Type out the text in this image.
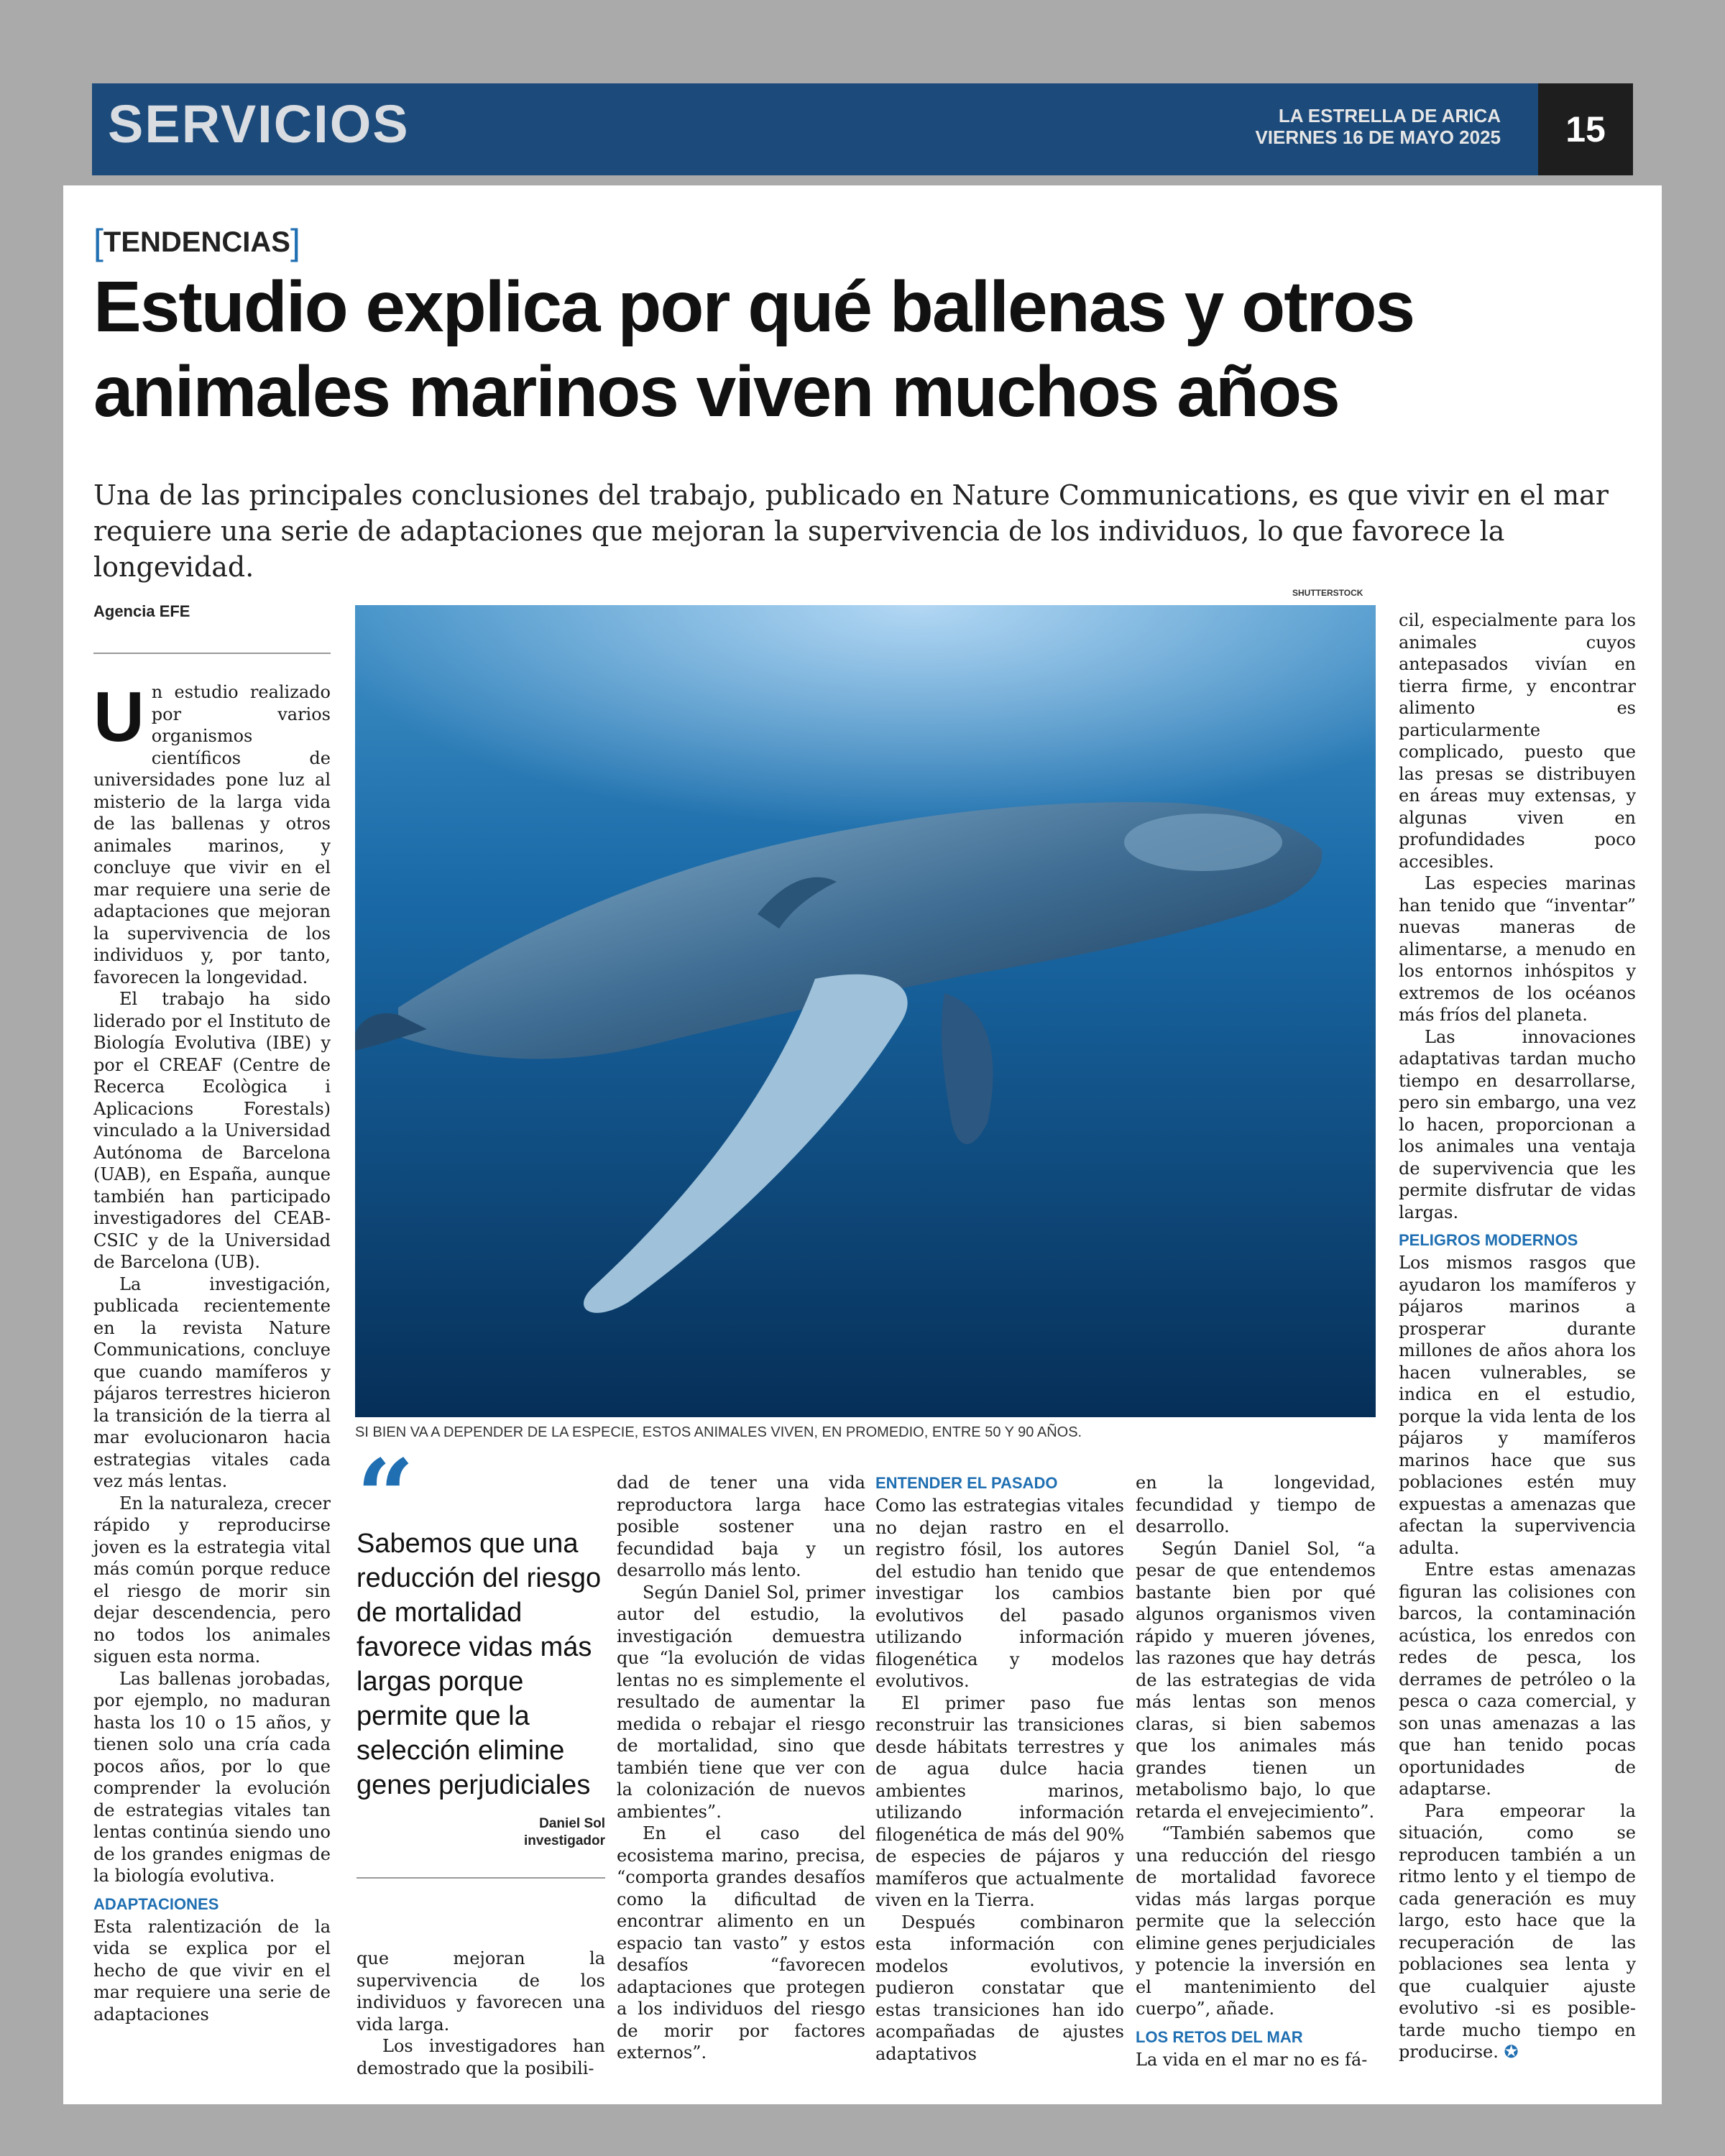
SERVICIOS	LA ESTRELLA DE ARICA
VIERNES 16 DE MAYO 2025	15
[TENDENCIAS]
Estudio explica por qué ballenas y otros animales marinos viven muchos años

Una de las principales conclusiones del trabajo, publicado en Nature Communications, es que vivir en el mar requiere una serie de adaptaciones que mejoran la supervivencia de los individuos, lo que favorece la longevidad.

Agencia EFE
SHUTTERSTOCK
SI BIEN VA A DEPENDER DE LA ESPECIE, ESTOS ANIMALES VIVEN, EN PROMEDIO, ENTRE 50 Y 90 AÑOS.

Un estudio realizado por varios organismos científicos de universidades pone luz al misterio de la larga vida de las ballenas y otros animales marinos, y concluye que vivir en el mar requiere una serie de adaptaciones que mejoran la supervivencia de los individuos y, por tanto, favorecen la longevidad.

El trabajo ha sido liderado por el Instituto de Biología Evolutiva (IBE) y por el CREAF (Centre de Recerca Ecològica i Aplicacions Forestals) vinculado a la Universidad Autónoma de Barcelona (UAB), en España, aunque también han participado investigadores del CEAB-CSIC y de la Universidad de Barcelona (UB).

La investigación, publicada recientemente en la revista Nature Communications, concluye que cuando mamíferos y pájaros terrestres hicieron la transición de la tierra al mar evolucionaron hacia estrategias vitales cada vez más lentas.

En la naturaleza, crecer rápido y reproducirse joven es la estrategia vital más común porque reduce el riesgo de morir sin dejar descendencia, pero no todos los animales siguen esta norma.

Las ballenas jorobadas, por ejemplo, no maduran hasta los 10 o 15 años, y tienen solo una cría cada pocos años, por lo que comprender la evolución de estrategias vitales tan lentas continúa siendo uno de los grandes enigmas de la biología evolutiva.

ADAPTACIONES

Esta ralentización de la vida se explica por el hecho de que vivir en el mar requiere una serie de adaptaciones

“
Sabemos que una reducción del riesgo de mortalidad favorece vidas más largas porque permite que la selección elimine genes perjudiciales
Daniel Sol
investigador

que mejoran la supervivencia de los individuos y favorecen una vida larga.

Los investigadores han demostrado que la posibili-

dad de tener una vida reproductora larga hace posible sostener una fecundidad baja y un desarrollo más lento.

Según Daniel Sol, primer autor del estudio, la investigación demuestra que “la evolución de vidas lentas no es simplemente el resultado de aumentar la medida o rebajar el riesgo de mortalidad, sino que también tiene que ver con la colonización de nuevos ambientes”.

En el caso del ecosistema marino, precisa, “comporta grandes desafíos como la dificultad de encontrar alimento en un espacio tan vasto” y estos desafíos “favorecen adaptaciones que protegen a los individuos del riesgo de morir por factores externos”.

ENTENDER EL PASADO

Como las estrategias vitales no dejan rastro en el registro fósil, los autores del estudio han tenido que investigar los cambios evolutivos del pasado utilizando información filogenética y modelos evolutivos.

El primer paso fue reconstruir las transiciones desde hábitats terrestres y de agua dulce hacia ambientes marinos, utilizando información filogenética de más del 90% de especies de pájaros y mamíferos que actualmente viven en la Tierra.

Después combinaron esta información con modelos evolutivos, pudieron constatar que estas transiciones han ido acompañadas de ajustes adaptativos

en la longevidad, fecundidad y tiempo de desarrollo.

Según Daniel Sol, “a pesar de que entendemos bastante bien por qué algunos organismos viven rápido y mueren jóvenes, las razones que hay detrás de las estrategias de vida más lentas son menos claras, si bien sabemos que los animales más grandes tienen un metabolismo bajo, lo que retarda el envejecimiento”.

“También sabemos que una reducción del riesgo de mortalidad favorece vidas más largas porque permite que la selección elimine genes perjudiciales y potencie la inversión en el mantenimiento del cuerpo”, añade.

LOS RETOS DEL MAR

La vida en el mar no es fá-

cil, especialmente para los animales cuyos antepasados vivían en tierra firme, y encontrar alimento es particularmente complicado, puesto que las presas se distribuyen en áreas muy extensas, y algunas viven en profundidades poco accesibles.

Las especies marinas han tenido que “inventar” nuevas maneras de alimentarse, a menudo en los entornos inhóspitos y extremos de los océanos más fríos del planeta.

Las innovaciones adaptativas tardan mucho tiempo en desarrollarse, pero sin embargo, una vez lo hacen, proporcionan a los animales una ventaja de supervivencia que les permite disfrutar de vidas largas.

PELIGROS MODERNOS

Los mismos rasgos que ayudaron los mamíferos y pájaros marinos a prosperar durante millones de años ahora los hacen vulnerables, se indica en el estudio, porque la vida lenta de los pájaros y mamíferos marinos hace que sus poblaciones estén muy expuestas a amenazas que afectan la supervivencia adulta.

Entre estas amenazas figuran las colisiones con barcos, la contaminación acústica, los enredos con redes de pesca, los derrames de petróleo o la pesca o caza comercial, y son unas amenazas a las que han tenido pocas oportunidades de adaptarse.

Para empeorar la situación, como se reproducen también a un ritmo lento y el tiempo de cada generación es muy largo, esto hace que la recuperación de las poblaciones sea lenta y que cualquier ajuste evolutivo -si es posible- tarde mucho tiempo en producirse. ✪
